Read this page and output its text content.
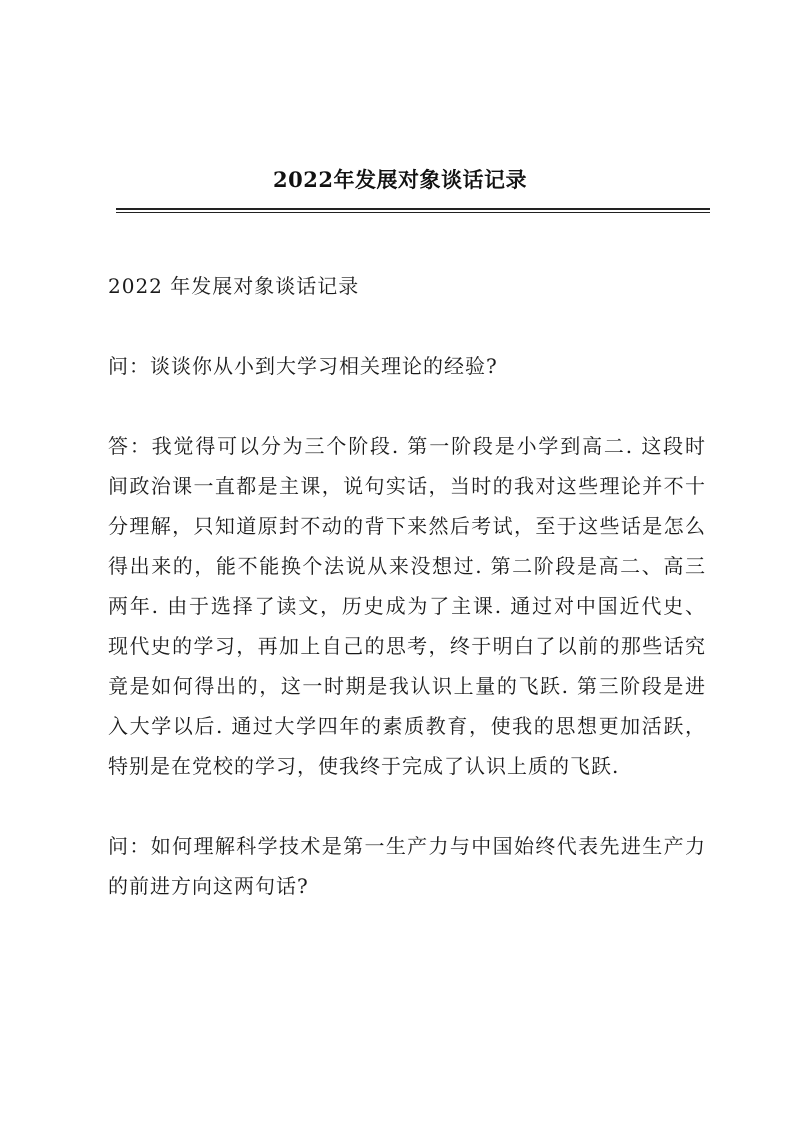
2022年发展对象谈话记录

2022 年发展对象谈话记录

问：谈谈你从小到大学习相关理论的经验?

答：我觉得可以分为三个阶段. 第一阶段是小学到高二. 这段时
间政治课一直都是主课，说句实话，当时的我对这些理论并不十
分理解，只知道原封不动的背下来然后考试，至于这些话是怎么
得出来的，能不能换个法说从来没想过. 第二阶段是高二、高三
两年. 由于选择了读文，历史成为了主课. 通过对中国近代史、
现代史的学习，再加上自己的思考，终于明白了以前的那些话究
竟是如何得出的，这一时期是我认识上量的飞跃. 第三阶段是进
入大学以后. 通过大学四年的素质教育，使我的思想更加活跃，
特别是在党校的学习，使我终于完成了认识上质的飞跃.

问：如何理解科学技术是第一生产力与中国始终代表先进生产力
的前进方向这两句话?
